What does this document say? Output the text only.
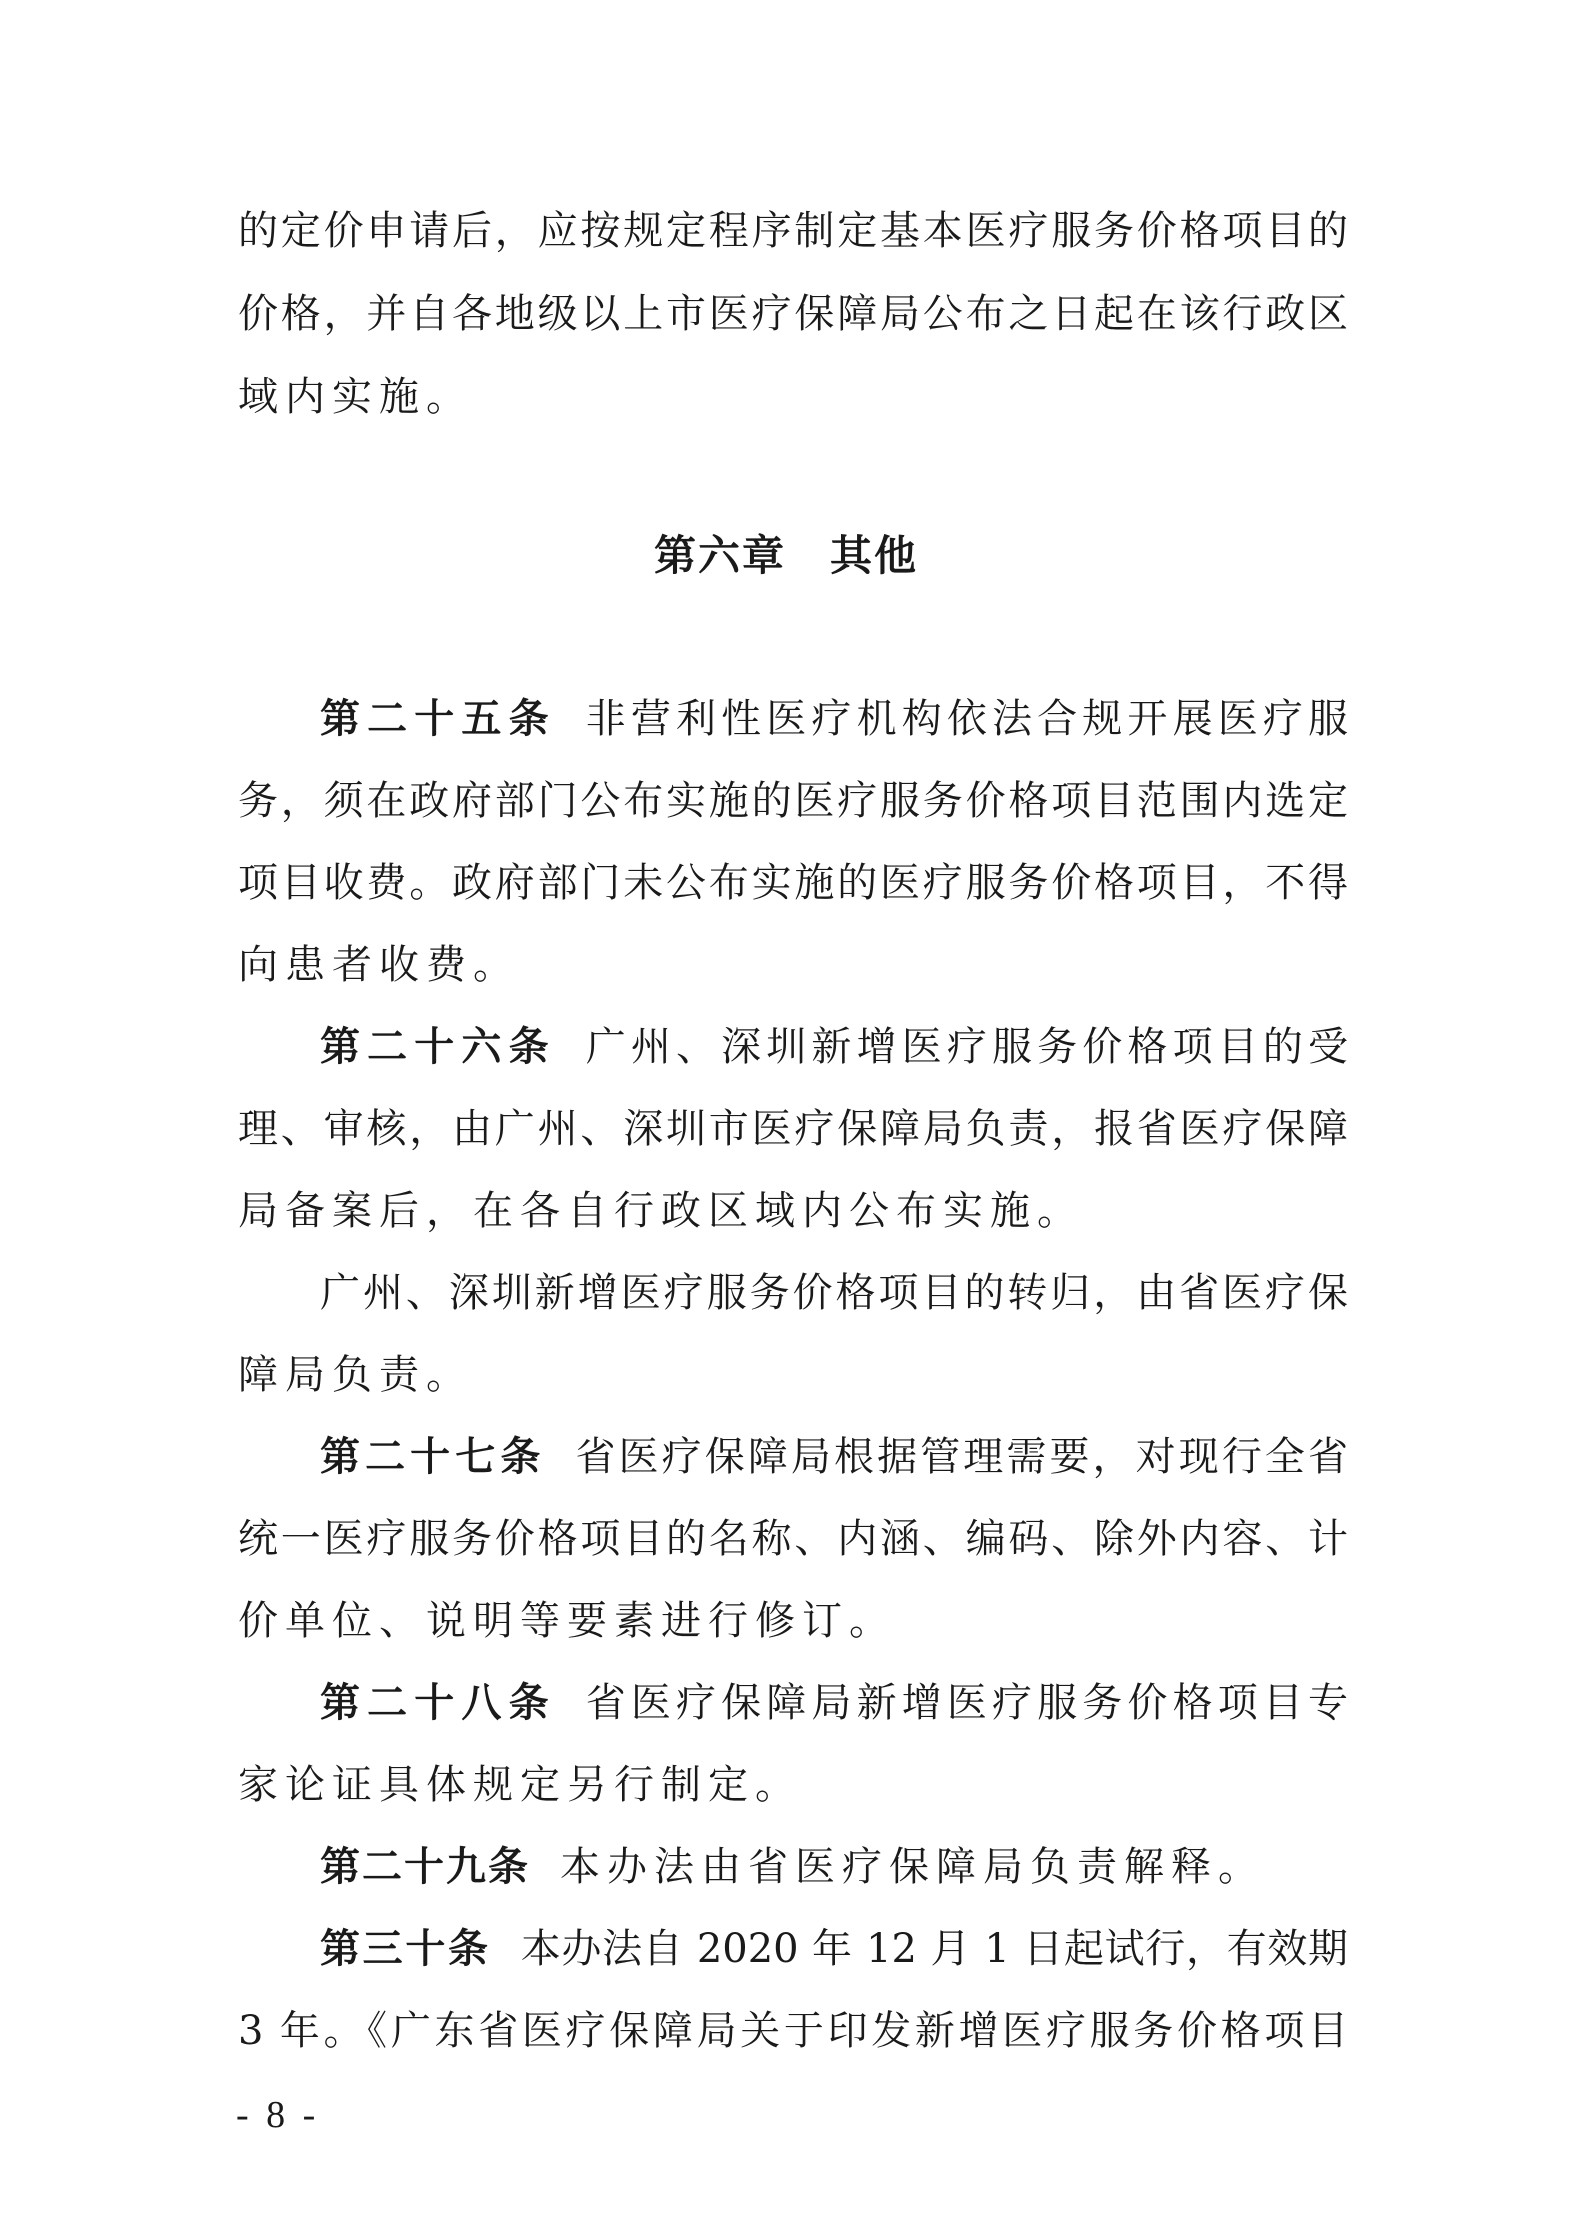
的定价申请后，应按规定程序制定基本医疗服务价格项目的
价格，并自各地级以上市医疗保障局公布之日起在该行政区
域内实施。
第六章 其他
第二十五条 非营利性医疗机构依法合规开展医疗服
务，须在政府部门公布实施的医疗服务价格项目范围内选定
项目收费。政府部门未公布实施的医疗服务价格项目，不得
向患者收费。
第二十六条 广州、深圳新增医疗服务价格项目的受
理、审核，由广州、深圳市医疗保障局负责，报省医疗保障
局备案后，在各自行政区域内公布实施。
广州、深圳新增医疗服务价格项目的转归，由省医疗保
障局负责。
第二十七条 省医疗保障局根据管理需要，对现行全省
统一医疗服务价格项目的名称、内涵、编码、除外内容、计
价单位、说明等要素进行修订。
第二十八条 省医疗保障局新增医疗服务价格项目专
家论证具体规定另行制定。
第二十九条 本办法由省医疗保障局负责解释。
第三十条 本办法自 2020 年 12 月 1 日起试行，有效期
3 年。《广东省医疗保障局关于印发新增医疗服务价格项目
- 8 -
